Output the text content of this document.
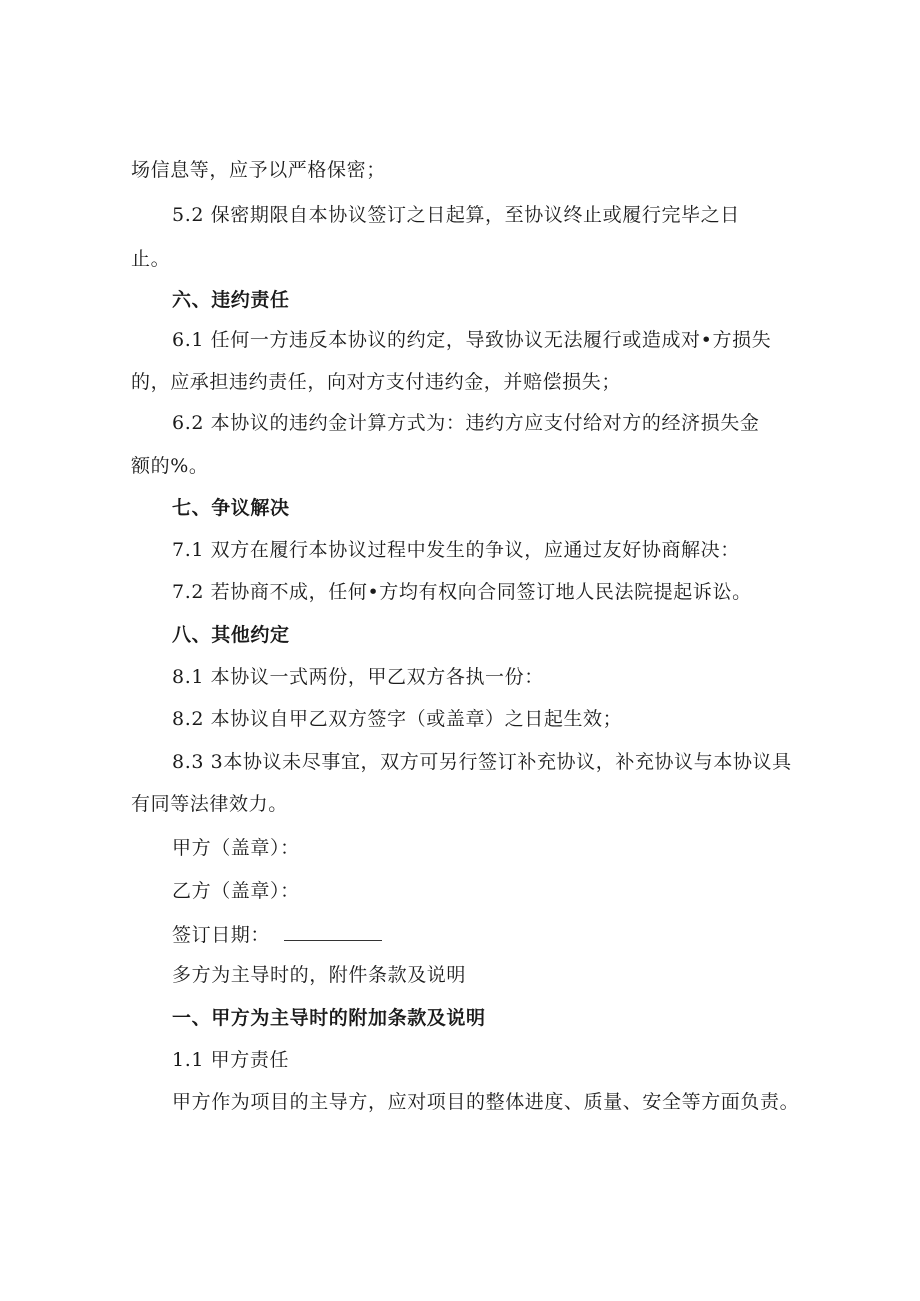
场信息等，应予以严格保密；
5.2 保密期限自本协议签订之日起算，至协议终止或履行完毕之日
止。
六、违约责任
6.1 任何一方违反本协议的约定，导致协议无法履行或造成对•方损失
的，应承担违约责任，向对方支付违约金，并赔偿损失；
6.2 本协议的违约金计算方式为：违约方应支付给对方的经济损失金
额的%。
七、争议解决
7.1 双方在履行本协议过程中发生的争议，应通过友好协商解决：
7.2 若协商不成，任何•方均有权向合同签订地人民法院提起诉讼。
八、其他约定
8.1 本协议一式两份，甲乙双方各执一份：
8.2 本协议自甲乙双方签字（或盖章）之日起生效；
8.3 3本协议未尽事宜，双方可另行签订补充协议，补充协议与本协议具
有同等法律效力。
甲方（盖章）：
乙方（盖章）：
签订日期：
多方为主导时的，附件条款及说明
一、甲方为主导时的附加条款及说明
1.1 甲方责任
甲方作为项目的主导方，应对项目的整体进度、质量、安全等方面负责。
